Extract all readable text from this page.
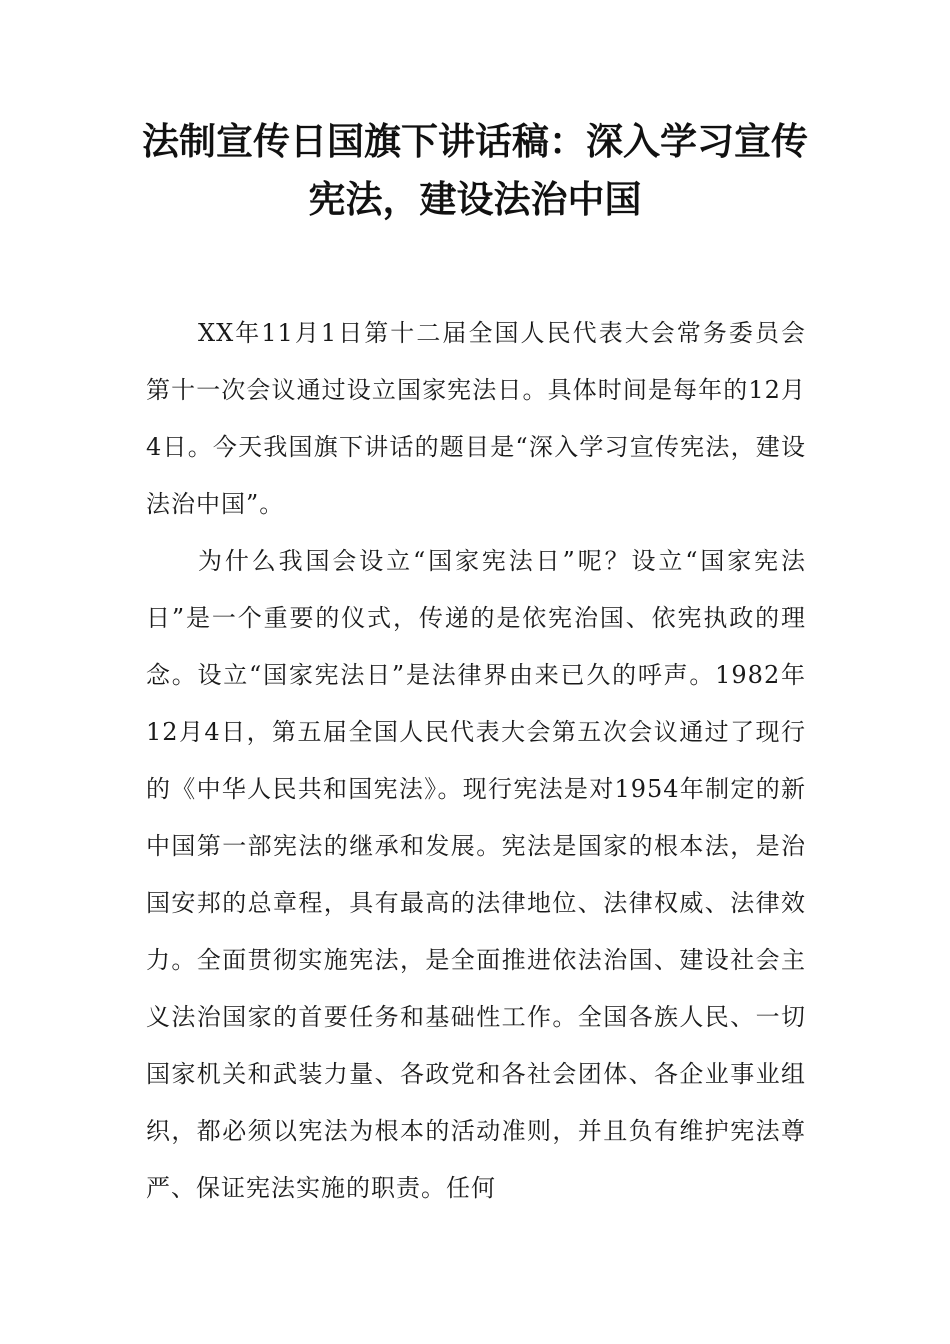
法制宣传日国旗下讲话稿：深入学习宣传宪法，建设法治中国

XX年11月1日第十二届全国人民代表大会常务委员会第十一次会议通过设立国家宪法日。具体时间是每年的12月4日。今天我国旗下讲话的题目是“深入学习宣传宪法，建设法治中国”。

为什么我国会设立“国家宪法日”呢？设立“国家宪法日”是一个重要的仪式，传递的是依宪治国、依宪执政的理念。设立“国家宪法日”是法律界由来已久的呼声。1982年12月4日，第五届全国人民代表大会第五次会议通过了现行的《中华人民共和国宪法》。现行宪法是对1954年制定的新中国第一部宪法的继承和发展。宪法是国家的根本法，是治国安邦的总章程，具有最高的法律地位、法律权威、法律效力。全面贯彻实施宪法，是全面推进依法治国、建设社会主义法治国家的首要任务和基础性工作。全国各族人民、一切国家机关和武装力量、各政党和各社会团体、各企业事业组织，都必须以宪法为根本的活动准则，并且负有维护宪法尊严、保证宪法实施的职责。任何
